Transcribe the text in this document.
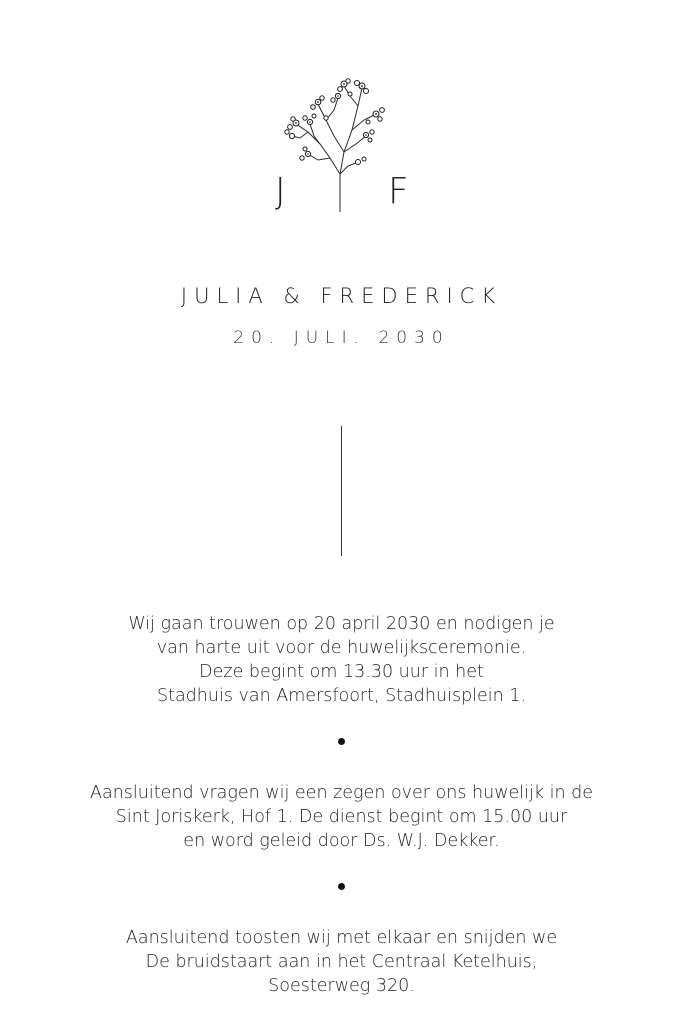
J	F
JULIA & FREDERICK
20. JULI. 2030
Wij gaan trouwen op 20 april 2030 en nodigen je
van harte uit voor de huwelijksceremonie.
Deze begint om 13.30 uur in het
Stadhuis van Amersfoort, Stadhuisplein 1.
Aansluitend vragen wij een zegen over ons huwelijk in de
Sint Joriskerk, Hof 1. De dienst begint om 15.00 uur
en word geleid door Ds. W.J. Dekker.
Aansluitend toosten wij met elkaar en snijden we
De bruidstaart aan in het Centraal Ketelhuis,
Soesterweg 320.
